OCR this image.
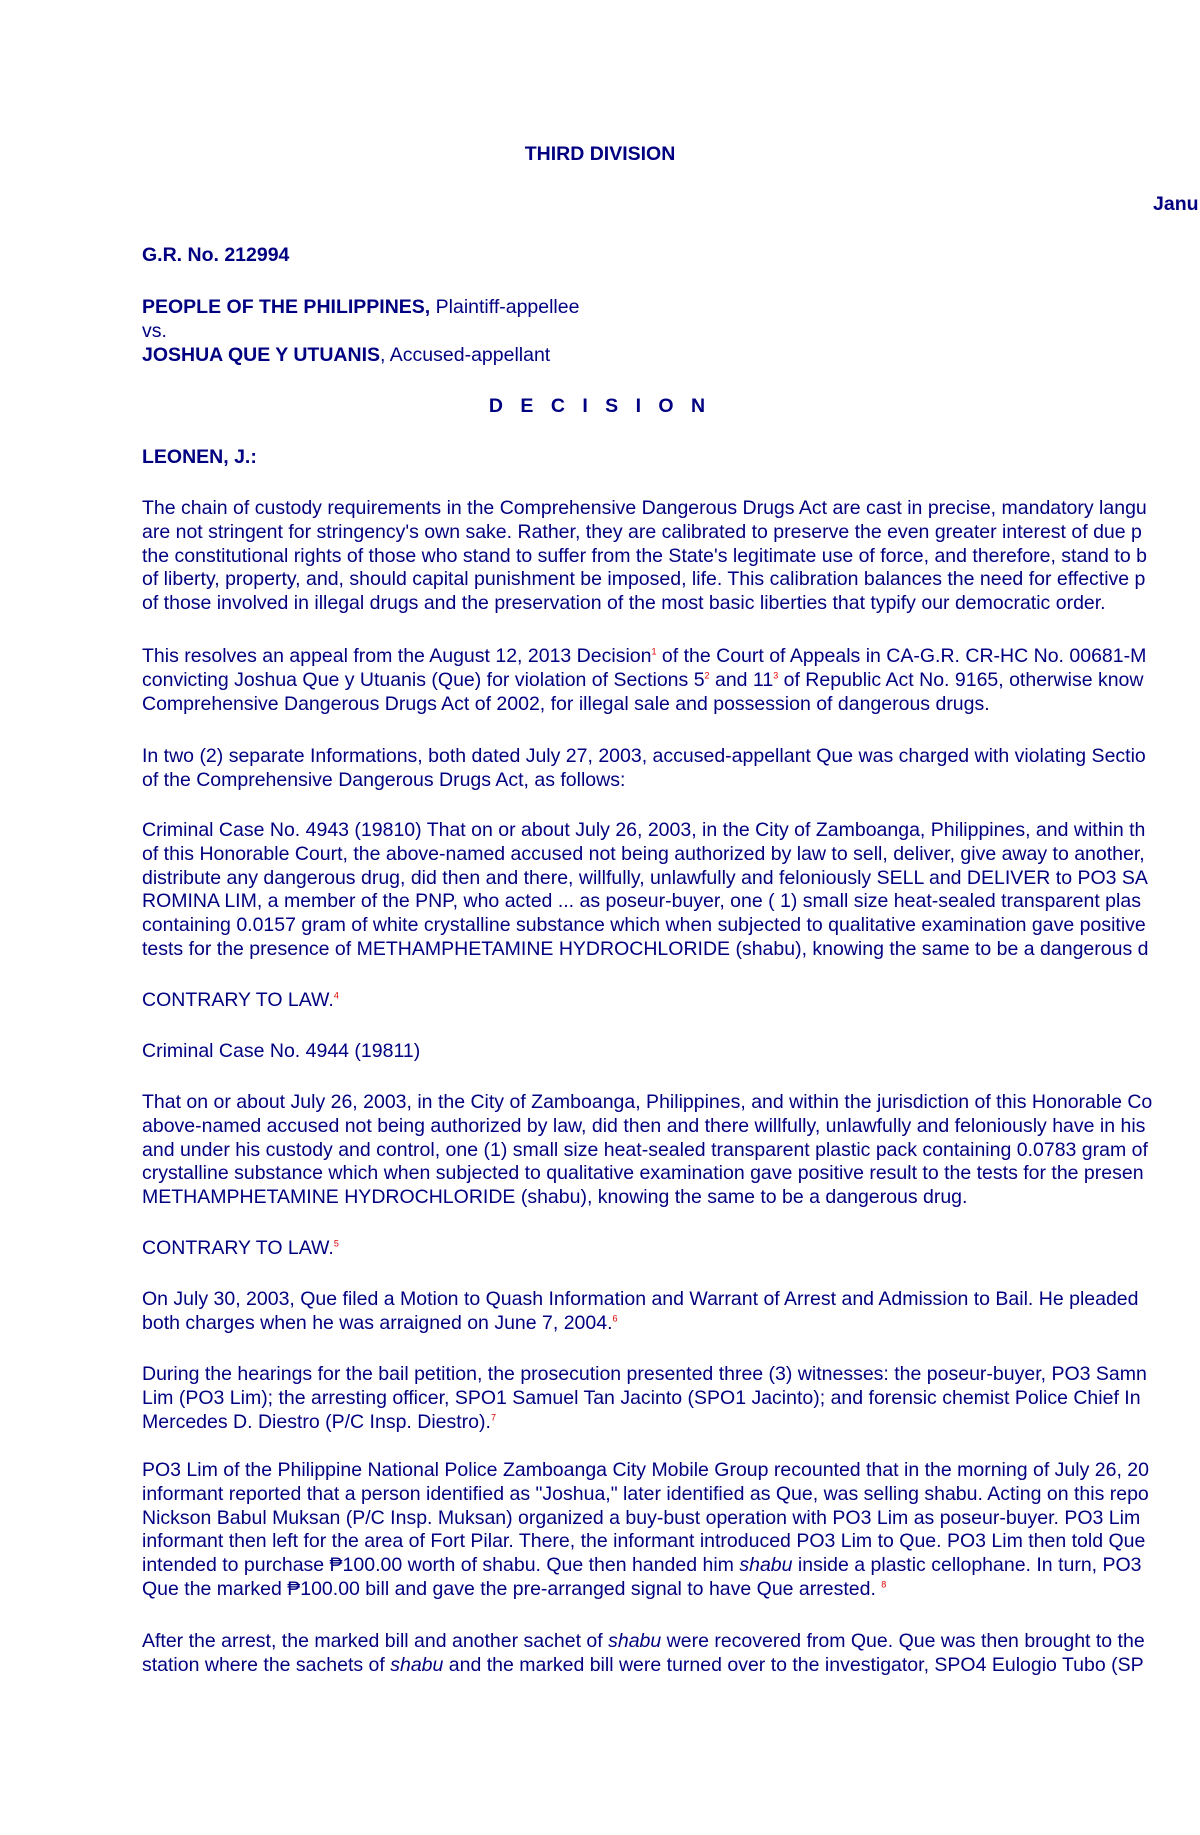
THIRD DIVISION
Janu
G.R. No. 212994
PEOPLE OF THE PHILIPPINES, Plaintiff-appellee
vs.
JOSHUA QUE Y UTUANIS, Accused-appellant
D E C I S I O N
LEONEN, J.:
The chain of custody requirements in the Comprehensive Dangerous Drugs Act are cast in precise, mandatory langu
are not stringent for stringency's own sake. Rather, they are calibrated to preserve the even greater interest of due p
the constitutional rights of those who stand to suffer from the State's legitimate use of force, and therefore, stand to b
of liberty, property, and, should capital punishment be imposed, life. This calibration balances the need for effective p
of those involved in illegal drugs and the preservation of the most basic liberties that typify our democratic order.
This resolves an appeal from the August 12, 2013 Decision$^1$ of the Court of Appeals in CA-G.R. CR-HC No. 00681-M
convicting Joshua Que y Utuanis (Que) for violation of Sections 5$^2$ and 11$^3$ of Republic Act No. 9165, otherwise know
Comprehensive Dangerous Drugs Act of 2002, for illegal sale and possession of dangerous drugs.
In two (2) separate Informations, both dated July 27, 2003, accused-appellant Que was charged with violating Sectio
of the Comprehensive Dangerous Drugs Act, as follows:
Criminal Case No. 4943 (19810) That on or about July 26, 2003, in the City of Zamboanga, Philippines, and within th
of this Honorable Court, the above-named accused not being authorized by law to sell, deliver, give away to another,
distribute any dangerous drug, did then and there, willfully, unlawfully and feloniously SELL and DELIVER to PO3 SA
ROMINA LIM, a member of the PNP, who acted ... as poseur-buyer, one ( 1) small size heat-sealed transparent plas
containing 0.0157 gram of white crystalline substance which when subjected to qualitative examination gave positive
tests for the presence of METHAMPHETAMINE HYDROCHLORIDE (shabu), knowing the same to be a dangerous d
CONTRARY TO LAW.$^4$
Criminal Case No. 4944 (19811)
That on or about July 26, 2003, in the City of Zamboanga, Philippines, and within the jurisdiction of this Honorable Co
above-named accused not being authorized by law, did then and there willfully, unlawfully and feloniously have in his
and under his custody and control, one (1) small size heat-sealed transparent plastic pack containing 0.0783 gram of
crystalline substance which when subjected to qualitative examination gave positive result to the tests for the presen
METHAMPHETAMINE HYDROCHLORIDE (shabu), knowing the same to be a dangerous drug.
CONTRARY TO LAW.$^5$
On July 30, 2003, Que filed a Motion to Quash Information and Warrant of Arrest and Admission to Bail. He pleaded
both charges when he was arraigned on June 7, 2004.$^6$
During the hearings for the bail petition, the prosecution presented three (3) witnesses: the poseur-buyer, PO3 Samn
Lim (PO3 Lim); the arresting officer, SPO1 Samuel Tan Jacinto (SPO1 Jacinto); and forensic chemist Police Chief In
Mercedes D. Diestro (P/C Insp. Diestro).$^7$
PO3 Lim of the Philippine National Police Zamboanga City Mobile Group recounted that in the morning of July 26, 20
informant reported that a person identified as "Joshua," later identified as Que, was selling shabu. Acting on this repo
Nickson Babul Muksan (P/C Insp. Muksan) organized a buy-bust operation with PO3 Lim as poseur-buyer. PO3 Lim
informant then left for the area of Fort Pilar. There, the informant introduced PO3 Lim to Que. PO3 Lim then told Que
intended to purchase ₱100.00 worth of shabu. Que then handed him shabu inside a plastic cellophane. In turn, PO3
Que the marked ₱100.00 bill and gave the pre-arranged signal to have Que arrested. $^8$
After the arrest, the marked bill and another sachet of shabu were recovered from Que. Que was then brought to the
station where the sachets of shabu and the marked bill were turned over to the investigator, SPO4 Eulogio Tubo (SP
